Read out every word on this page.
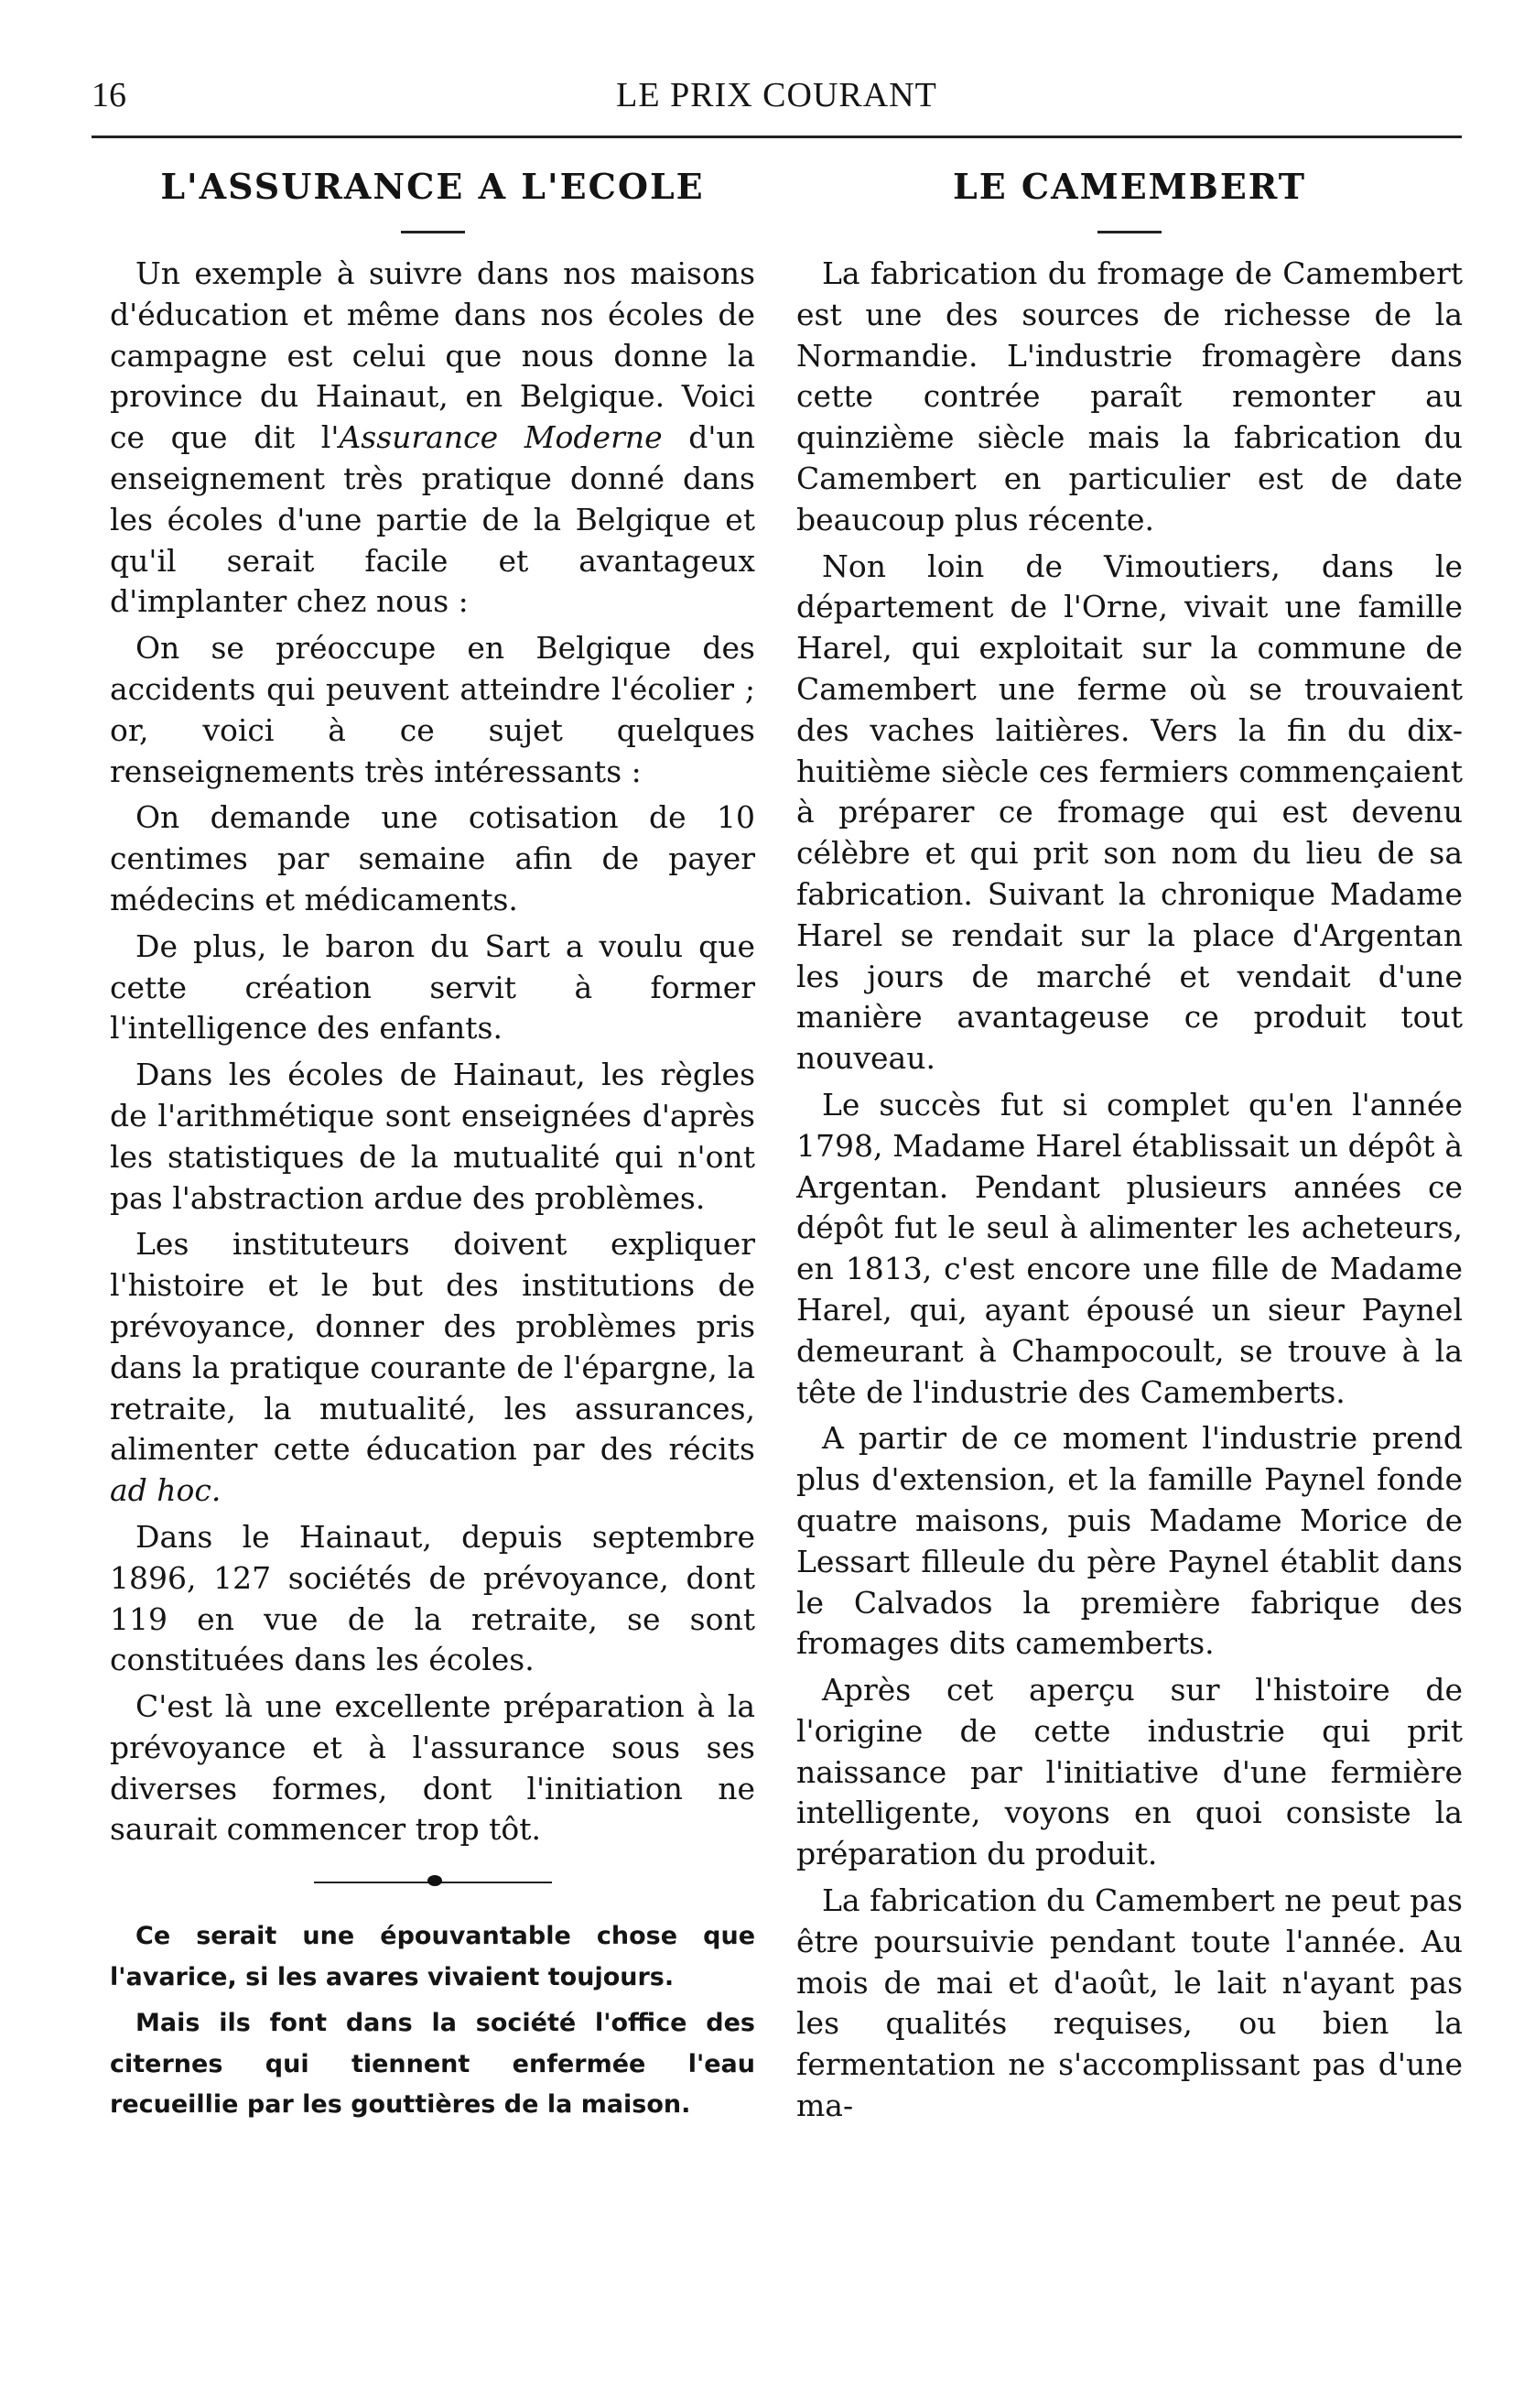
16	LE PRIX COURANT
L'ASSURANCE A L'ECOLE

Un exemple à suivre dans nos maisons d'éducation et même dans nos écoles de campagne est celui que nous donne la province du Hainaut, en Belgique. Voici ce que dit l'Assurance Moderne d'un enseignement très pratique donné dans les écoles d'une partie de la Belgique et qu'il serait facile et avantageux d'implanter chez nous :

On se préoccupe en Belgique des accidents qui peuvent atteindre l'écolier ; or, voici à ce sujet quelques renseignements très intéressants :

On demande une cotisation de 10 centimes par semaine afin de payer médecins et médicaments.

De plus, le baron du Sart a voulu que cette création servit à former l'intelligence des enfants.

Dans les écoles de Hainaut, les règles de l'arithmétique sont enseignées d'après les statistiques de la mutualité qui n'ont pas l'abstraction ardue des problèmes.

Les instituteurs doivent expliquer l'histoire et le but des institutions de prévoyance, donner des problèmes pris dans la pratique courante de l'épargne, la retraite, la mutualité, les assurances, alimenter cette éducation par des récits ad hoc.

Dans le Hainaut, depuis septembre 1896, 127 sociétés de prévoyance, dont 119 en vue de la retraite, se sont constituées dans les écoles.

C'est là une excellente préparation à la prévoyance et à l'assurance sous ses diverses formes, dont l'initiation ne saurait commencer trop tôt.

Ce serait une épouvantable chose que l'avarice, si les avares vivaient toujours.

Mais ils font dans la société l'office des citernes qui tiennent enfermée l'eau recueillie par les gouttières de la maison.

LE CAMEMBERT

La fabrication du fromage de Camembert est une des sources de richesse de la Normandie. L'industrie fromagère dans cette contrée paraît remonter au quinzième siècle mais la fabrication du Camembert en particulier est de date beaucoup plus récente.

Non loin de Vimoutiers, dans le département de l'Orne, vivait une famille Harel, qui exploitait sur la commune de Camembert une ferme où se trouvaient des vaches laitières. Vers la fin du dix-huitième siècle ces fermiers commençaient à préparer ce fromage qui est devenu célèbre et qui prit son nom du lieu de sa fabrication. Suivant la chronique Madame Harel se rendait sur la place d'Argentan les jours de marché et vendait d'une manière avantageuse ce produit tout nouveau.

Le succès fut si complet qu'en l'année 1798, Madame Harel établissait un dépôt à Argentan. Pendant plusieurs années ce dépôt fut le seul à alimenter les acheteurs, en 1813, c'est encore une fille de Madame Harel, qui, ayant épousé un sieur Paynel demeurant à Champoсoult, se trouve à la tête de l'industrie des Camemberts.

A partir de ce moment l'industrie prend plus d'extension, et la famille Paynel fonde quatre maisons, puis Madame Morice de Lessart filleule du père Paynel établit dans le Calvados la première fabrique des fromages dits camemberts.

Après cet aperçu sur l'histoire de l'origine de cette industrie qui prit naissance par l'initiative d'une fermière intelligente, voyons en quoi consiste la préparation du produit.

La fabrication du Camembert ne peut pas être poursuivie pendant toute l'année. Au mois de mai et d'août, le lait n'ayant pas les qualités requises, ou bien la fermentation ne s'accomplissant pas d'une ma-
